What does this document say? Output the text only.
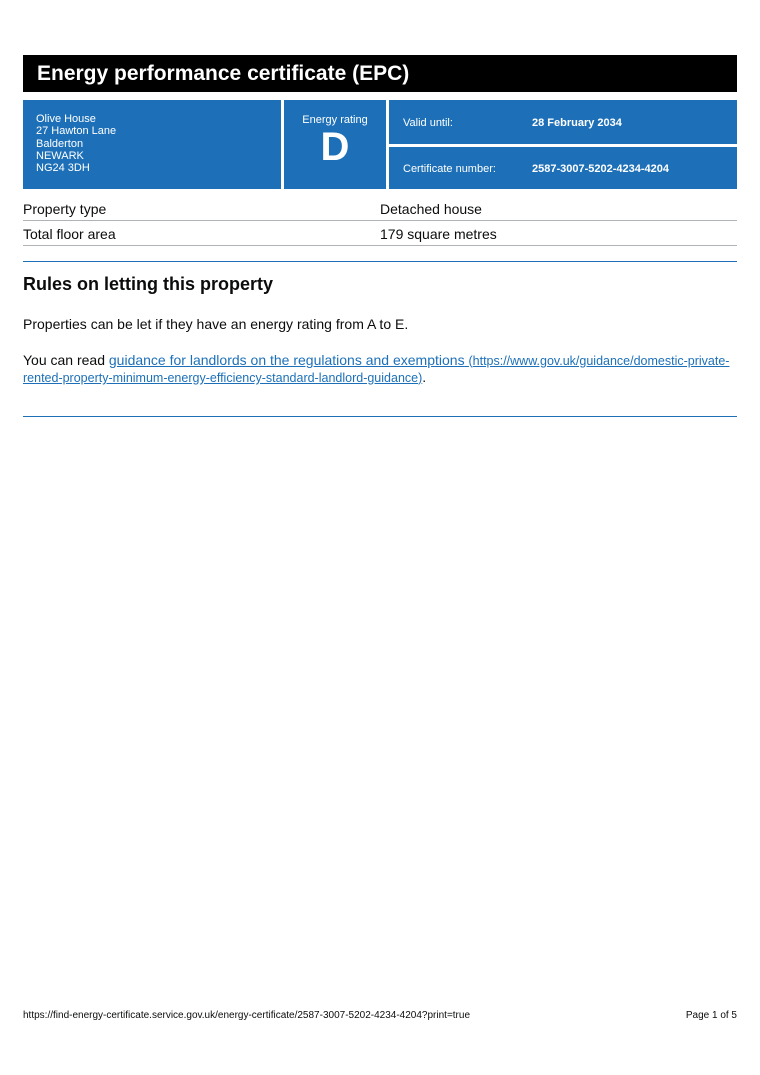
Energy performance certificate (EPC)
Olive House
27 Hawton Lane
Balderton
NEWARK
NG24 3DH
Energy rating
D
Valid until:	28 February 2034
Certificate number:	2587-3007-5202-4234-4204
Property type	Detached house
Total floor area	179 square metres
Rules on letting this property

Properties can be let if they have an energy rating from A to E.

You can read guidance for landlords on the regulations and exemptions (https://www.gov.uk/guidance/domestic-private-rented-property-minimum-energy-efficiency-standard-landlord-guidance).

https://find-energy-certificate.service.gov.uk/energy-certificate/2587-3007-5202-4234-4204?print=true	Page 1 of 5
